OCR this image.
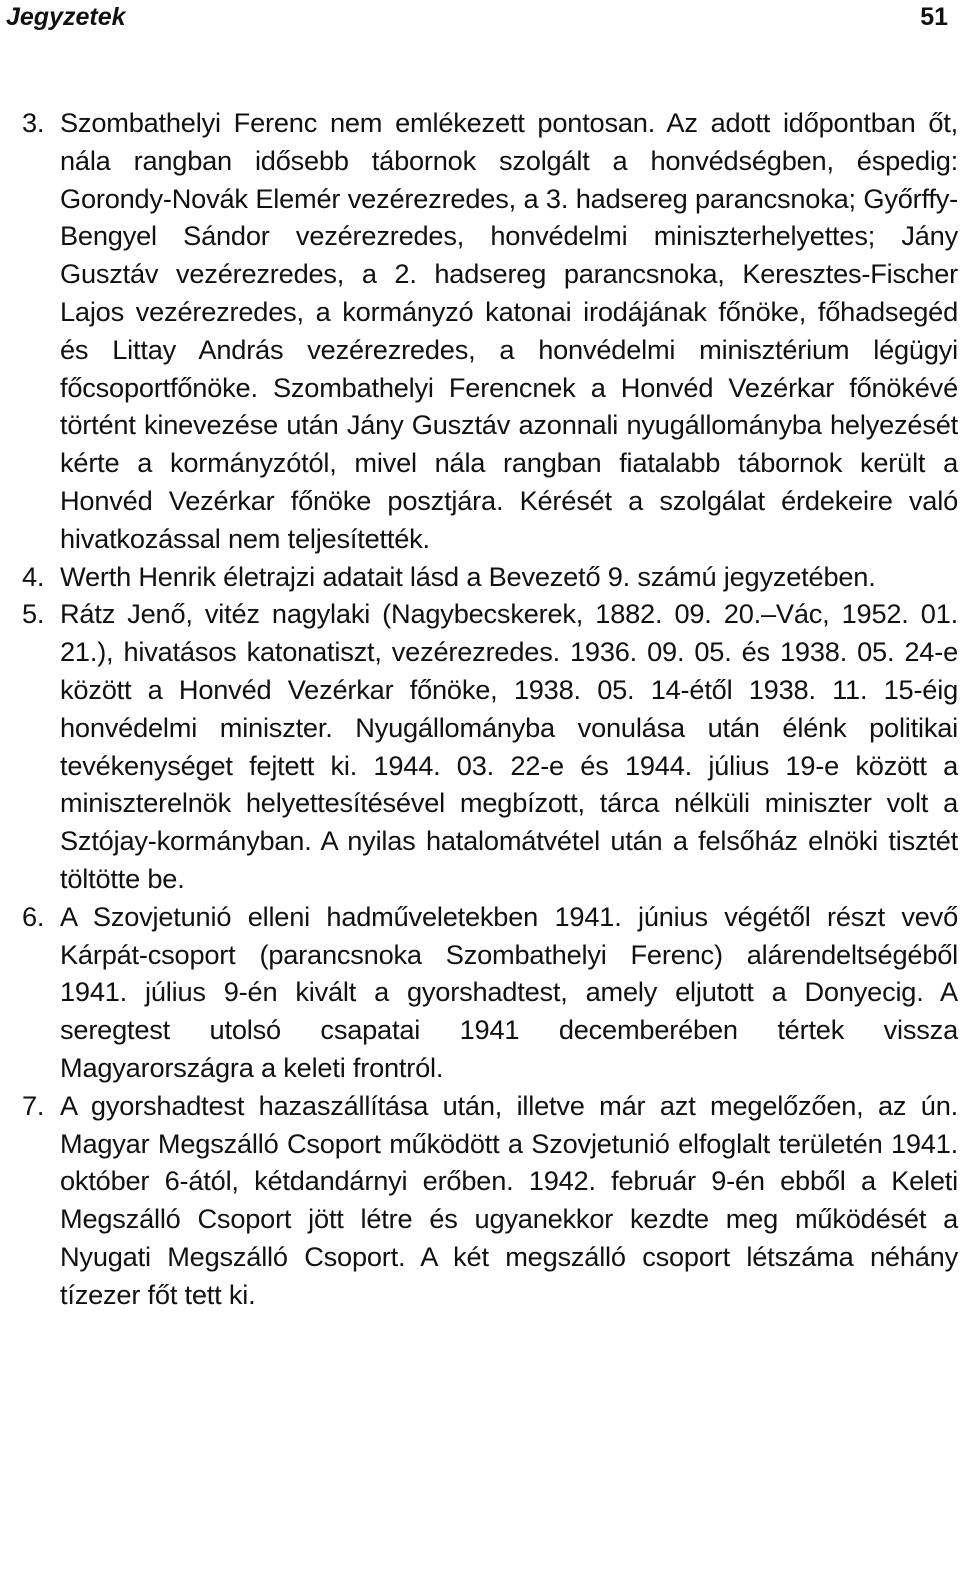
Jegyzetek	51

3. Szombathelyi Ferenc nem emlékezett pontosan. Az adott időpontban őt, nála rangban idősebb tábornok szolgált a honvédségben, éspedig: Gorondy-Novák Elemér vezérezredes, a 3. hadsereg parancsnoka; Győrffy-Bengyel Sándor vezérezredes, honvédelmi miniszterhelyettes; Jány Gusztáv vezérezredes, a 2. hadsereg parancsnoka, Keresztes-Fischer Lajos vezérezredes, a kormányzó katonai irodájának főnöke, főhadsegéd és Littay András vezérezredes, a honvédelmi minisztérium légügyi főcsoportfőnöke. Szombathelyi Ferencnek a Honvéd Vezérkar főnökévé történt kinevezése után Jány Gusztáv azonnali nyugállományba helyezését kérte a kormányzótól, mivel nála rangban fiatalabb tábornok került a Honvéd Vezérkar főnöke posztjára. Kérését a szolgálat érdekeire való hivatkozással nem teljesítették.

4. Werth Henrik életrajzi adatait lásd a Bevezető 9. számú jegyzetében.

5. Rátz Jenő, vitéz nagylaki (Nagybecskerek, 1882. 09. 20.–Vác, 1952. 01. 21.), hivatásos katonatiszt, vezérezredes. 1936. 09. 05. és 1938. 05. 24-e között a Honvéd Vezérkar főnöke, 1938. 05. 14-étől 1938. 11. 15-éig honvédelmi miniszter. Nyugállományba vonulása után élénk politikai tevékenységet fejtett ki. 1944. 03. 22-e és 1944. július 19-e között a miniszterelnök helyettesítésével megbízott, tárca nélküli miniszter volt a Sztójay-kormányban. A nyilas hatalomátvétel után a felsőház elnöki tisztét töltötte be.

6. A Szovjetunió elleni hadműveletekben 1941. június végétől részt vevő Kárpát-csoport (parancsnoka Szombathelyi Ferenc) alárendeltségéből 1941. július 9-én kivált a gyorshadtest, amely eljutott a Donyecig. A seregtest utolsó csapatai 1941 decemberében tértek vissza Magyarországra a keleti frontról.

7. A gyorshadtest hazaszállítása után, illetve már azt megelőzően, az ún. Magyar Megszálló Csoport működött a Szovjetunió elfoglalt területén 1941. október 6-ától, kétdandárnyi erőben. 1942. február 9-én ebből a Keleti Megszálló Csoport jött létre és ugyanekkor kezdte meg működését a Nyugati Megszálló Csoport. A két megszálló csoport létszáma néhány tízezer főt tett ki.
